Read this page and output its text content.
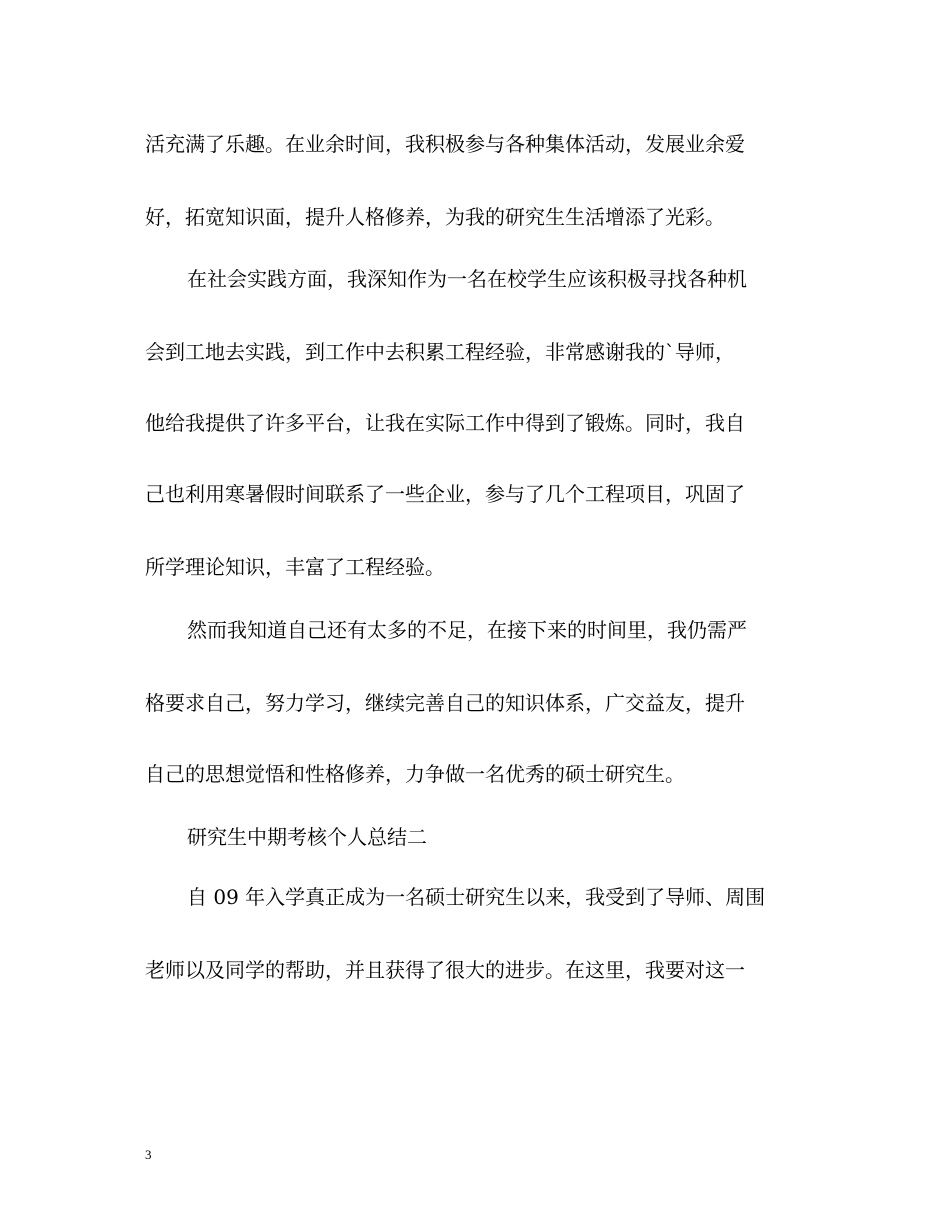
活充满了乐趣。在业余时间，我积极参与各种集体活动，发展业余爱
好，拓宽知识面，提升人格修养，为我的研究生生活增添了光彩。
在社会实践方面，我深知作为一名在校学生应该积极寻找各种机
会到工地去实践，到工作中去积累工程经验，非常感谢我的`导师，
他给我提供了许多平台，让我在实际工作中得到了锻炼。同时，我自
己也利用寒暑假时间联系了一些企业，参与了几个工程项目，巩固了
所学理论知识，丰富了工程经验。
然而我知道自己还有太多的不足，在接下来的时间里，我仍需严
格要求自己，努力学习，继续完善自己的知识体系，广交益友，提升
自己的思想觉悟和性格修养，力争做一名优秀的硕士研究生。
研究生中期考核个人总结二
自 09 年入学真正成为一名硕士研究生以来，我受到了导师、周围
老师以及同学的帮助，并且获得了很大的进步。在这里，我要对这一
3
